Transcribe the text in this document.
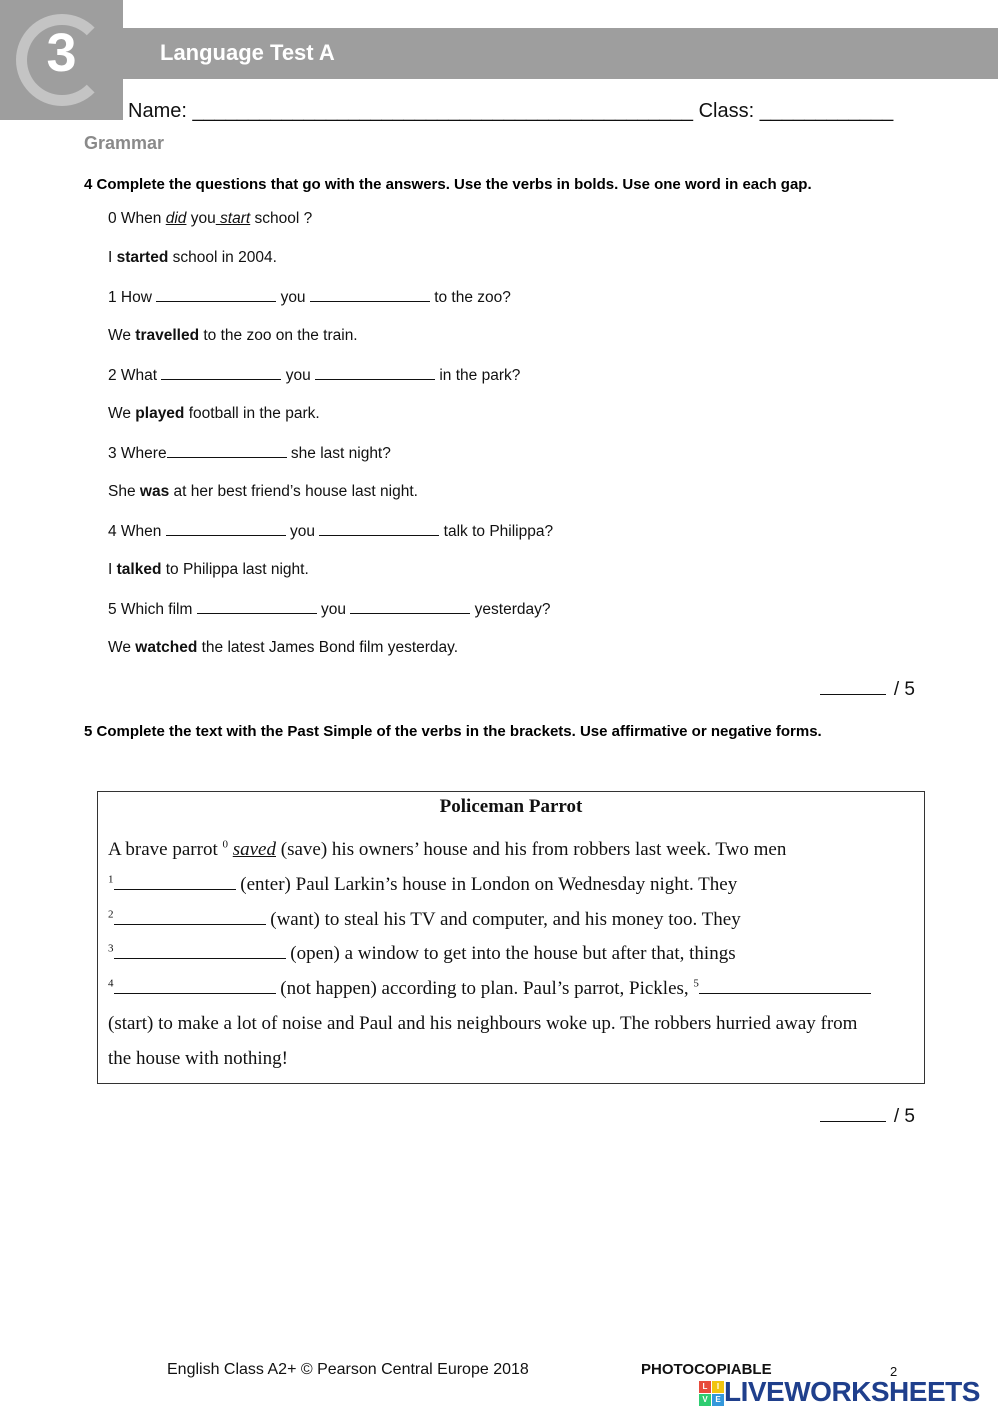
Language Test A
3
Name: _____________________________________________ Class: ____________
Grammar
4 Complete the questions that go with the answers. Use the verbs in bolds. Use one word in each gap.
0 When did you start school ?
I started school in 2004.
1 How	you	to the zoo?
We travelled to the zoo on the train.
2 What	you	in the park?
We played football in the park.
3 Where	she last night?
She was at her best friend’s house last night.
4 When	you	talk to Philippa?
I talked to Philippa last night.
5 Which film	you	yesterday?
We watched the latest James Bond film yesterday.
/ 5
5 Complete the text with the Past Simple of the verbs in the brackets. Use affirmative or negative forms.
Policeman Parrot
A brave parrot $^0$ saved (save) his owners’ house and his from robbers last week. Two men
$^1$	(enter) Paul Larkin’s house in London on Wednesday night. They
$^2$	(want) to steal his TV and computer, and his money too. They
$^3$	(open) a window to get into the house but after that, things
$^4$	(not happen) according to plan. Paul’s parrot, Pickles, $^5$
(start) to make a lot of noise and Paul and his neighbours woke up. The robbers hurried away from
the house with nothing!
/ 5
English Class A2+ © Pearson Central Europe 2018	PHOTOCOPIABLE	2
L	I
V E LIVEWORKSHEETS
